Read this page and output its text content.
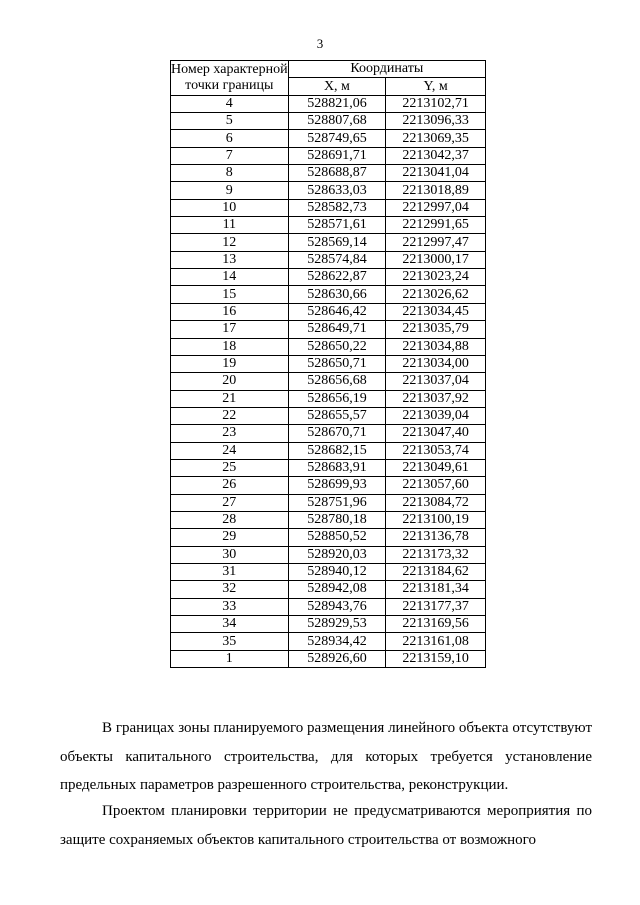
3
Номер характерной точки границы	Координаты	
	X, м	Y, м
4	528821,06	2213102,71
5	528807,68	2213096,33
6	528749,65	2213069,35
7	528691,71	2213042,37
8	528688,87	2213041,04
9	528633,03	2213018,89
10	528582,73	2212997,04
11	528571,61	2212991,65
12	528569,14	2212997,47
13	528574,84	2213000,17
14	528622,87	2213023,24
15	528630,66	2213026,62
16	528646,42	2213034,45
17	528649,71	2213035,79
18	528650,22	2213034,88
19	528650,71	2213034,00
20	528656,68	2213037,04
21	528656,19	2213037,92
22	528655,57	2213039,04
23	528670,71	2213047,40
24	528682,15	2213053,74
25	528683,91	2213049,61
26	528699,93	2213057,60
27	528751,96	2213084,72
28	528780,18	2213100,19
29	528850,52	2213136,78
30	528920,03	2213173,32
31	528940,12	2213184,62
32	528942,08	2213181,34
33	528943,76	2213177,37
34	528929,53	2213169,56
35	528934,42	2213161,08
1	528926,60	2213159,10

В границах зоны планируемого размещения линейного объекта отсутствуют объекты капитального строительства, для которых требуется установление предельных параметров разрешенного строительства, реконструкции.

Проектом планировки территории не предусматриваются мероприятия по защите сохраняемых объектов капитального строительства от возможного
